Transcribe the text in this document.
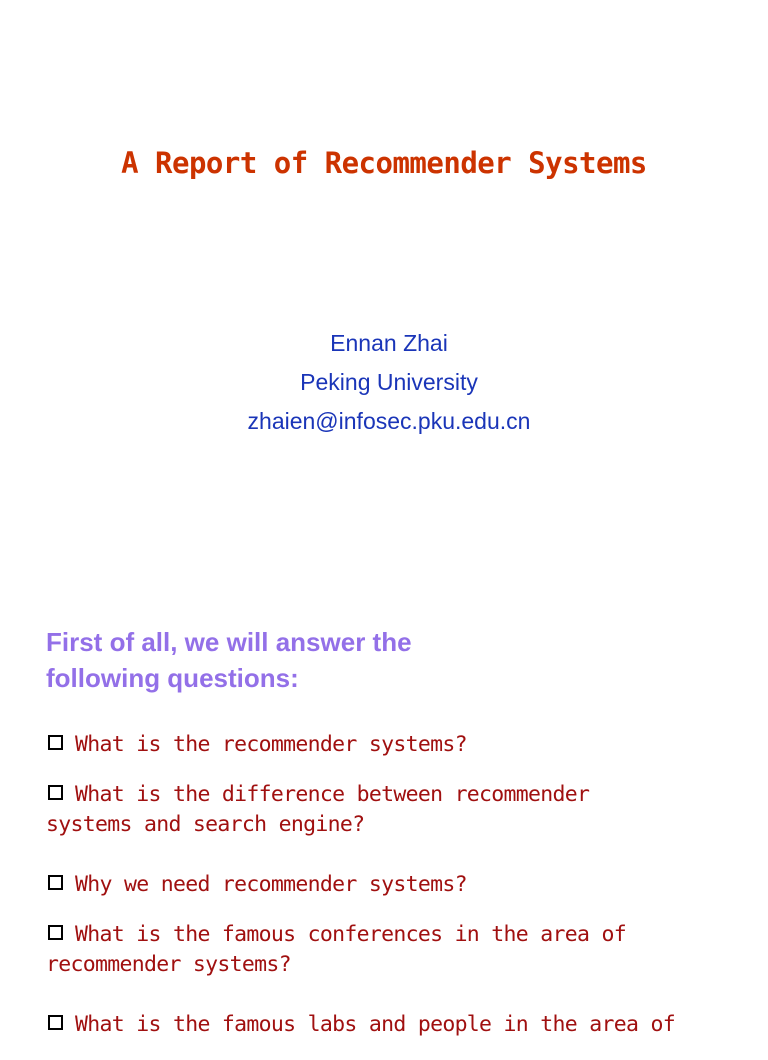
A Report of Recommender Systems
Ennan Zhai
Peking University
zhaien@infosec.pku.edu.cn
First of all, we will answer the
following questions:
What is the recommender systems?
What is the difference between recommender
systems and search engine?
Why we need recommender systems?
What is the famous conferences in the area of
recommender systems?
What is the famous labs and people in the area of
